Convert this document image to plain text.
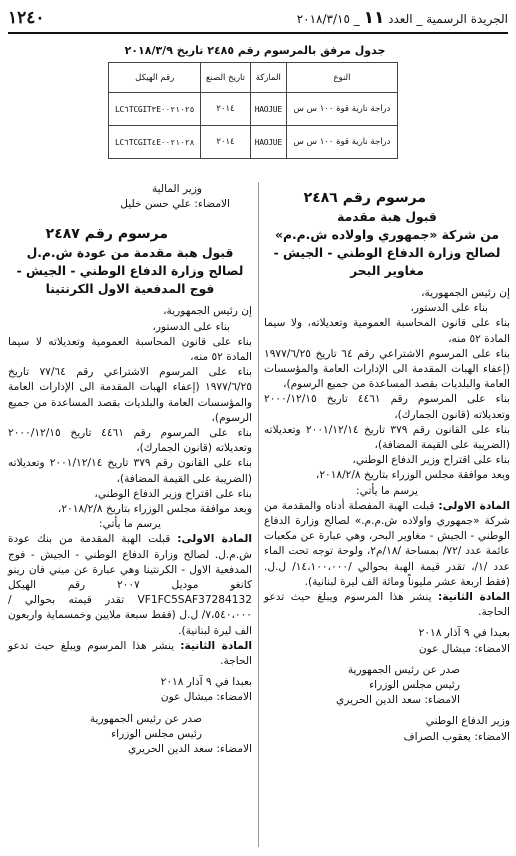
١٢٤٠	الجريدة الرسمية _ العدد ١١ _ ٢٠١٨/٣/١٥
جدول مرفق بالمرسوم رقم ٢٤٨٥ تاريخ ٢٠١٨/٣/٩
النوع	الماركة	تاريخ الصنع	رقم الهيكل
دراجة نارية قوة ١٠٠ س س	HAOJUE	٢٠١٤	LC٦TCGIT٣E٠٠٢١٠٢٥
دراجة نارية قوة ١٠٠ س س	HAOJUE	٢٠١٤	LC٦TCGIT٤E٠٠٢١٠٢٨

مرسوم رقم ٢٤٨٦

قبول هبة مقدمة

من شركة «جمهوري واولاده ش.م.م»

لصالح وزارة الدفاع الوطني - الجيش -

مغاوير البحر

إن رئيس الجمهورية،

بناء على الدستور،

بناء على قانون المحاسبة العمومية وتعديلاته، ولا سيما المادة ٥٢ منه،

بناء على المرسوم الاشتراعي رقم ٦٤ تاريخ ١٩٧٧/٦/٢٥ (إعفاء الهبات المقدمة الى الإدارات العامة والمؤسسات العامة والبلديات بقصد المساعدة من جميع الرسوم)،

بناء على المرسوم رقم ٤٤٦١ تاريخ ٢٠٠٠/١٢/١٥ وتعديلاته (قانون الجمارك)،

بناء على القانون رقم ٣٧٩ تاريخ ٢٠٠١/١٢/١٤ وتعديلاته (الضريبة على القيمة المضافة)،

بناء على اقتراح وزير الدفاع الوطني،

وبعد موافقة مجلس الوزراء بتاريخ ٢٠١٨/٢/٨،

يرسم ما يأتي:

المادة الاولى: قبلت الهبة المفصلة أدناه والمقدمة من شركة «جمهوري واولاده ش.م.م.» لصالح وزارة الدفاع الوطني - الجيش - مغاوير البحر، وهي عبارة عن مكعبات عائمة عدد /٧٢/ بمساحة /١٨/م٢، ولوحة توجه تحت الماء عدد /١/، تقدر قيمة الهبة بحوالي /١٤،١٠٠،٠٠٠/ ل.ل. (فقط اربعة عشر مليوناً ومائة الف ليرة لبنانية).

المادة الثانية: ينشر هذا المرسوم ويبلغ حيث تدعو الحاجة.

بعبدا في ٩ آذار ٢٠١٨

الامضاء: ميشال عون

صدر عن رئيس الجمهورية

رئيس مجلس الوزراء

الامضاء: سعد الدين الحريري

وزير الدفاع الوطني

الامضاء: يعقوب الصراف

وزير المالية

الامضاء: علي حسن خليل

مرسوم رقم ٢٤٨٧

قبول هبة مقدمة من عودة ش.م.ل

لصالح وزارة الدفاع الوطني - الجيش -

فوج المدفعية الاول الكرنتينا

إن رئيس الجمهورية،

بناء على الدستور،

بناء على قانون المحاسبة العمومية وتعديلاته لا سيما المادة ٥٢ منه،

بناء على المرسوم الاشتراعي رقم ٧٧/٦٤ تاريخ ١٩٧٧/٦/٢٥ (إعفاء الهبات المقدمة الى الإدارات العامة والمؤسسات العامة والبلديات بقصد المساعدة من جميع الرسوم)،

بناء على المرسوم رقم ٤٤٦١ تاريخ ٢٠٠٠/١٢/١٥ وتعديلاته (قانون الجمارك)،

بناء على القانون رقم ٣٧٩ تاريخ ٢٠٠١/١٢/١٤ وتعديلاته (الضريبة على القيمة المضافة)،

بناء على اقتراح وزير الدفاع الوطني،

وبعد موافقة مجلس الوزراء بتاريخ ٢٠١٨/٢/٨،

يرسم ما يأتي:

المادة الاولى: قبلت الهبة المقدمة من بنك عودة ش.م.ل. لصالح وزارة الدفاع الوطني - الجيش - فوج المدفعية الاول - الكرنتينا وهي عبارة عن ميني فان رينو كانغو موديل ٢٠٠٧ رقم الهيكل VF1FC5SAF37284132 تقدر قيمته بحوالي /٧،٥٤٠،٠٠٠/ ل.ل (فقط سبعة ملايين وخمسماية واربعون الف ليرة لبنانية).

المادة الثانية: ينشر هذا المرسوم ويبلغ حيث تدعو الحاجة.

بعبدا في ٩ آذار ٢٠١٨

الامضاء: ميشال عون

صدر عن رئيس الجمهورية

رئيس مجلس الوزراء

الامضاء: سعد الدين الحريري
